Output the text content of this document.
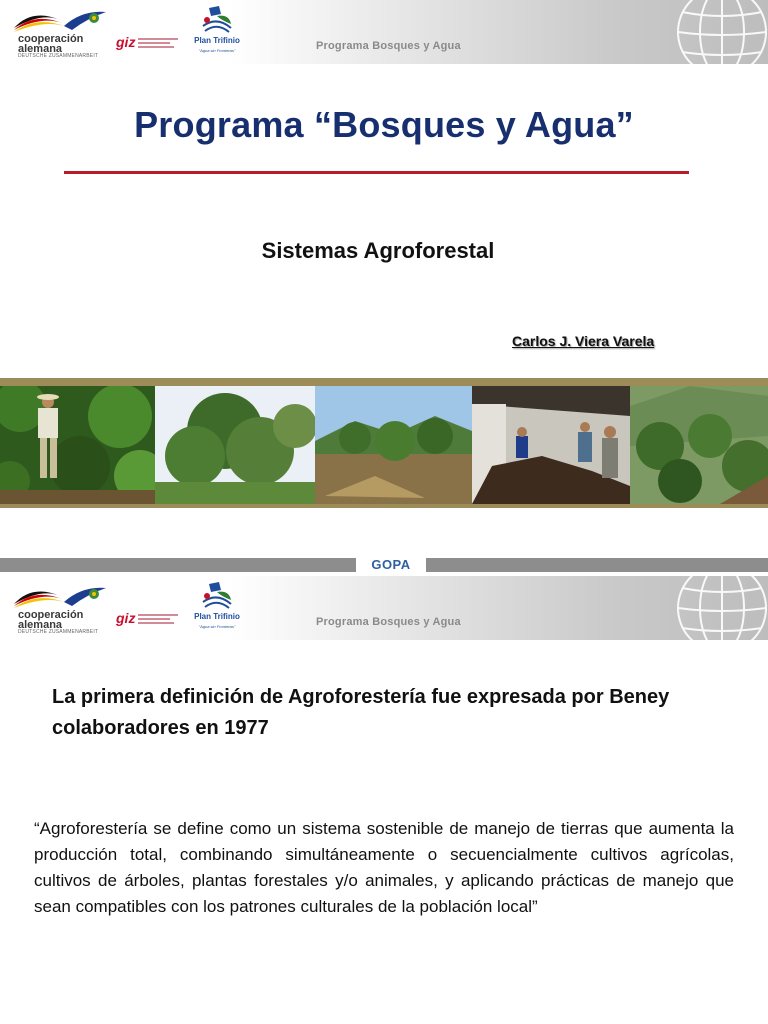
cooperación alemana
DEUTSCHE ZUSAMMENARBEIT
giz	Plan Trifinio
"Agua sin Fronteras"	Programa Bosques y Agua
Programa “Bosques y Agua”
Sistemas Agroforestal
Carlos J. Viera Varela
GOPA
cooperación alemana
DEUTSCHE ZUSAMMENARBEIT
giz	Plan Trifinio
"Agua sin Fronteras"	Programa Bosques y Agua
La primera definición de Agroforestería fue expresada por Beney colaboradores en 1977
“Agroforestería se define como un sistema sostenible de manejo de tierras que aumenta la producción total, combinando simultáneamente o secuencialmente cultivos agrícolas, cultivos de árboles, plantas forestales y/o animales, y aplicando prácticas de manejo que sean compatibles con los patrones culturales de la población local”
